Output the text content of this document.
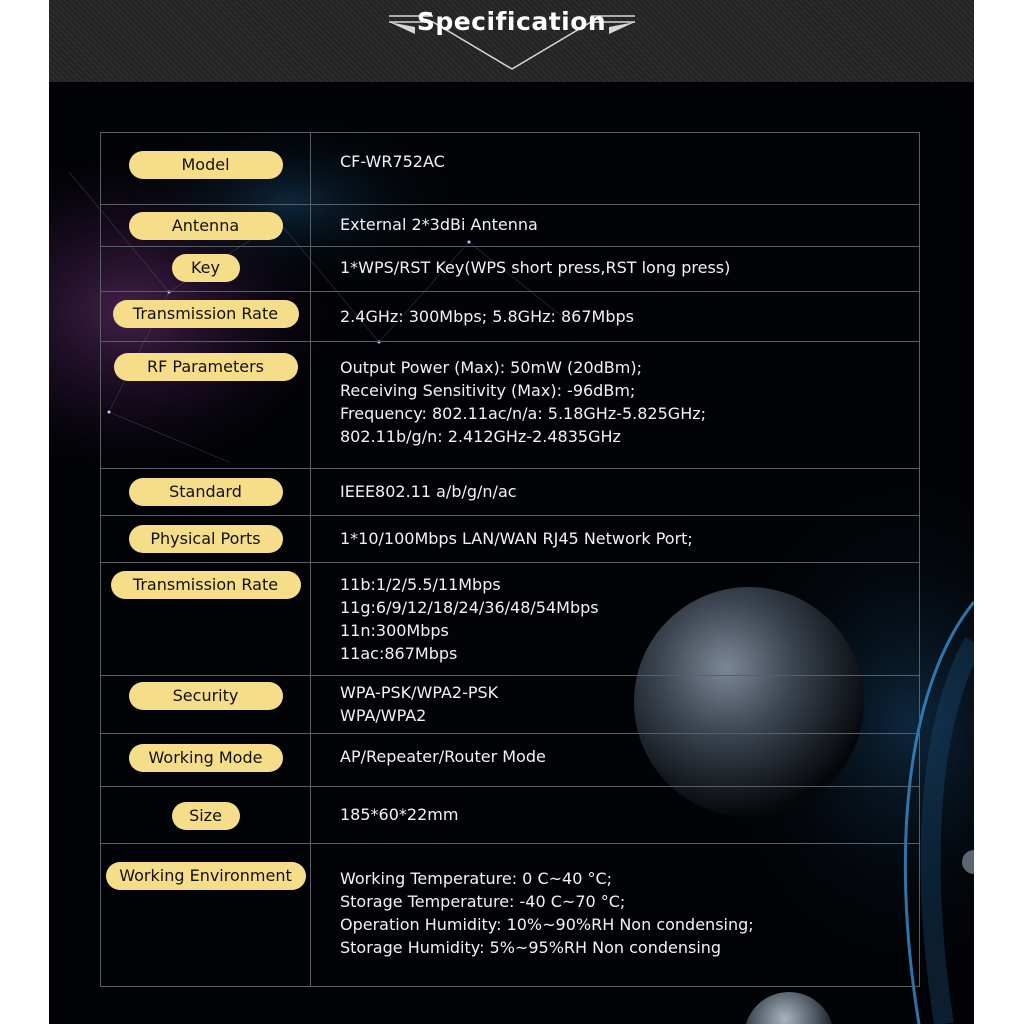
Specification
Model	CF-WR752AC

Antenna	External 2*3dBi Antenna

Key	1*WPS/RST Key(WPS short press,RST long press)

Transmission Rate	2.4GHz: 300Mbps; 5.8GHz: 867Mbps

RF Parameters	Output Power (Max): 50mW (20dBm);
Receiving Sensitivity (Max): -96dBm;
Frequency: 802.11ac/n/a: 5.18GHz-5.825GHz;
802.11b/g/n: 2.412GHz-2.4835GHz

Standard	IEEE802.11 a/b/g/n/ac

Physical Ports	1*10/100Mbps LAN/WAN RJ45 Network Port;

Transmission Rate	11b:1/2/5.5/11Mbps
11g:6/9/12/18/24/36/48/54Mbps
11n:300Mbps
11ac:867Mbps

Security	WPA-PSK/WPA2-PSK
WPA/WPA2

Working Mode	AP/Repeater/Router Mode

Size	185*60*22mm

Working Environment	Working Temperature: 0 C~40 °C;
Storage Temperature: -40 C~70 °C;
Operation Humidity: 10%~90%RH Non condensing;
Storage Humidity: 5%~95%RH Non condensing
